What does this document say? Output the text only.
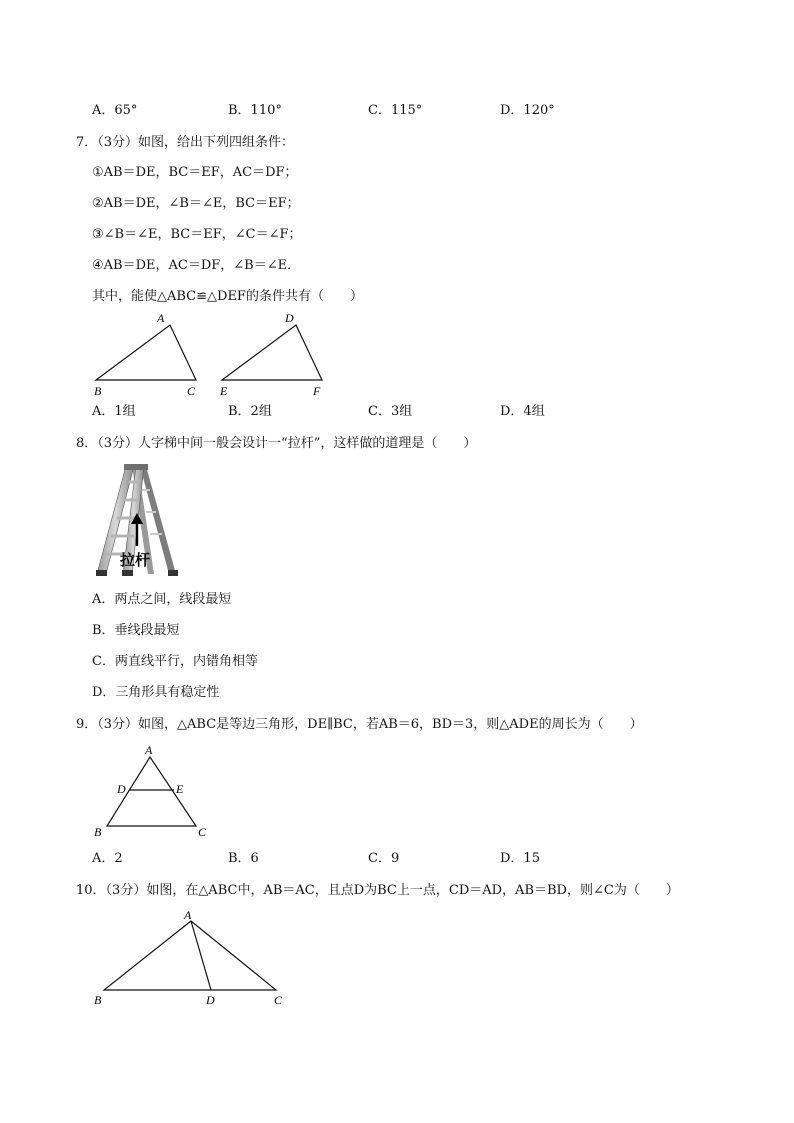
A．65°	B．110°	C．115°	D．120°
7．（3分）如图，给出下列四组条件：
①AB＝DE，BC＝EF，AC＝DF；
②AB＝DE，∠B＝∠E，BC＝EF；
③∠B＝∠E，BC＝EF，∠C＝∠F；
④AB＝DE，AC＝DF，∠B＝∠E．
其中，能使△ABC≌△DEF的条件共有（　　）
A
B	C
D
E	F
A．1组	B．2组	C．3组	D．4组
8．（3分）人字梯中间一般会设计一“拉杆”，这样做的道理是（　　）
拉杆
A．两点之间，线段最短
B．垂线段最短
C．两直线平行，内错角相等
D．三角形具有稳定性
9．（3分）如图，△ABC是等边三角形，DE∥BC，若AB＝6，BD＝3，则△ADE的周长为（　　）
A
D	E
B	C
A．2	B．6	C．9	D．15
10．（3分）如图，在△ABC中，AB＝AC，且点D为BC上一点，CD＝AD，AB＝BD，则∠C为（　　）
A
B	D	C
